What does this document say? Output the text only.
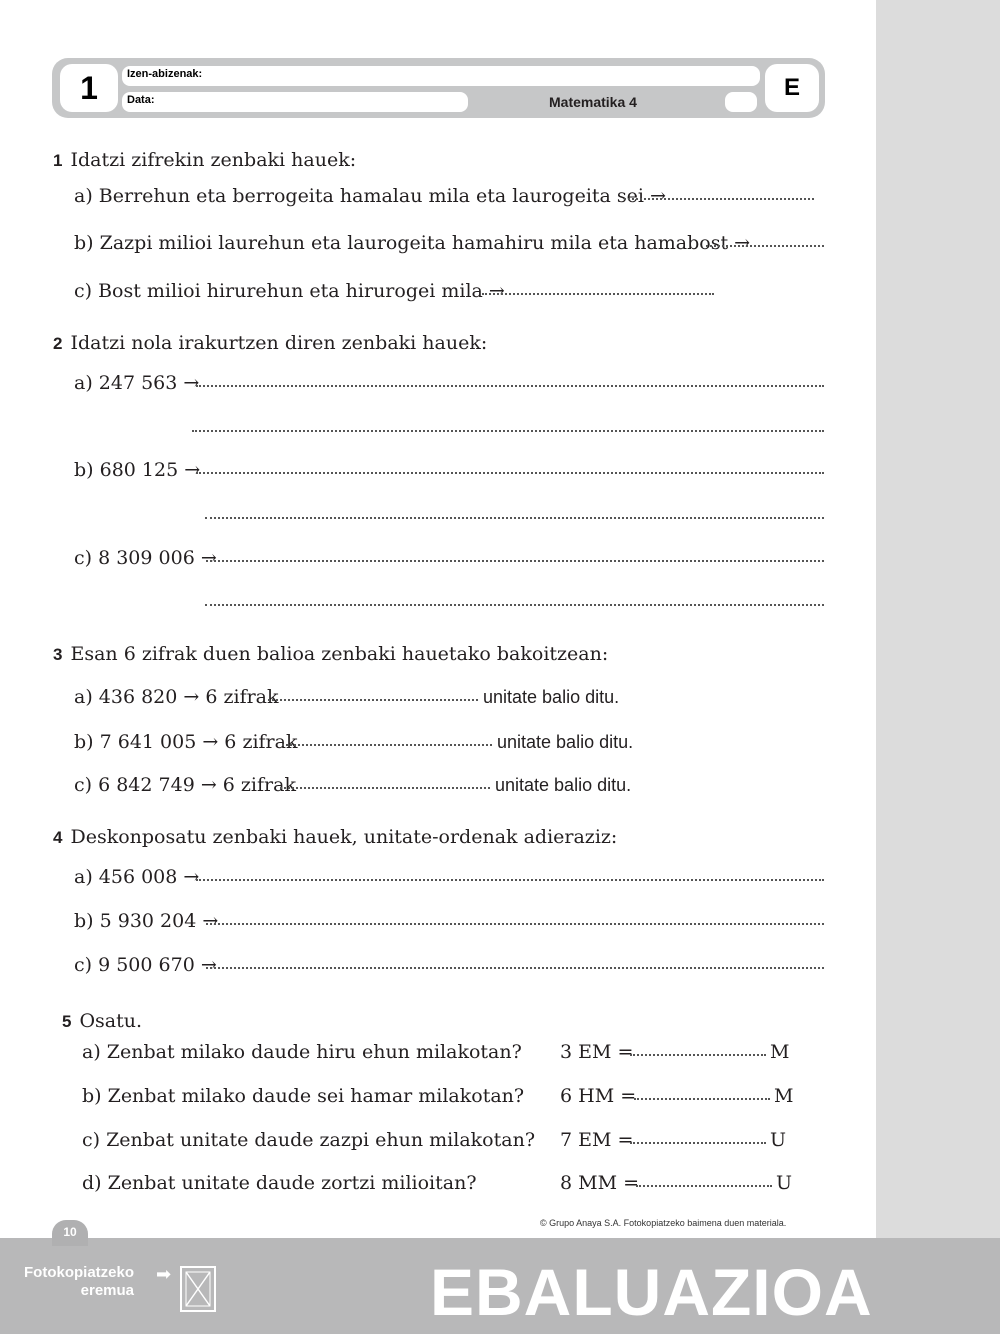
1	Izen-abizenak:
Data:	Matematika 4
E
1 Idatzi zifrekin zenbaki hauek:
a) Berrehun eta berrogeita hamalau mila eta laurogeita sei →
b) Zazpi milioi laurehun eta laurogeita hamahiru mila eta hamabost →
c) Bost milioi hirurehun eta hirurogei mila →
2 Idatzi nola irakurtzen diren zenbaki hauek:
a) 247 563 →
b) 680 125 →
c) 8 309 006 →
3 Esan 6 zifrak duen balioa zenbaki hauetako bakoitzean:
a) 436 820 → 6 zifrak	unitate balio ditu.
b) 7 641 005 → 6 zifrak	unitate balio ditu.
c) 6 842 749 → 6 zifrak	unitate balio ditu.
4 Deskonposatu zenbaki hauek, unitate-ordenak adieraziz:
a) 456 008 →
b) 5 930 204 →
c) 9 500 670 →
5 Osatu.
a) Zenbat milako daude hiru ehun milakotan? 3 EM =	M
b) Zenbat milako daude sei hamar milakotan? 6 HM =	M
c) Zenbat unitate daude zazpi ehun milakotan? 7 EM =	U
d) Zenbat unitate daude zortzi milioitan?	8 MM =	U
© Grupo Anaya S.A. Fotokopiatzeko baimena duen materiala.
10
Fotokopiatzeko
eremua
➡	EBALUAZIOA
